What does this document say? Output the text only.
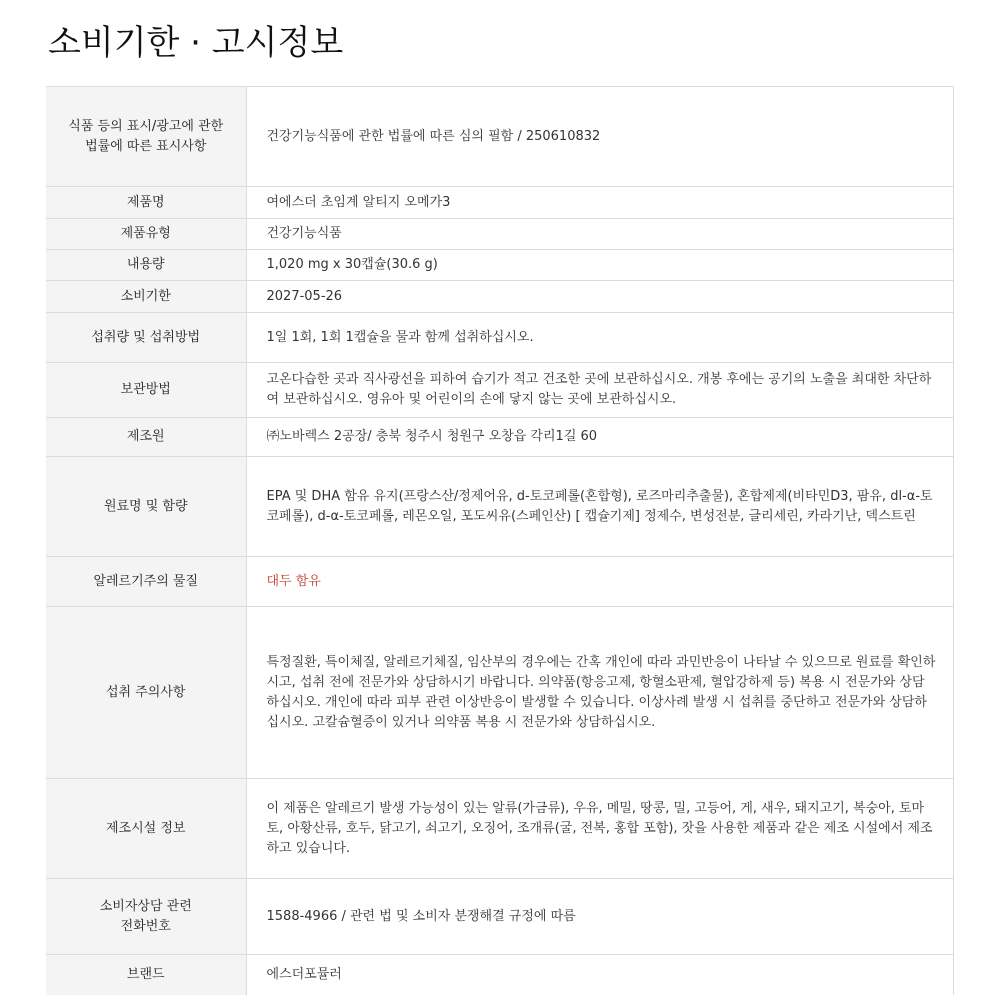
소비기한 · 고시정보
식품 등의 표시/광고에 관한
법률에 따른 표시사항	건강기능식품에 관한 법률에 따른 심의 필함 / 250610832
제품명	여에스더 초임계 알티지 오메가3
제품유형	건강기능식품
내용량	1,020 mg x 30캡슐(30.6 g)
소비기한	2027-05-26
섭취량 및 섭취방법	1일 1회, 1회 1캡슐을 물과 함께 섭취하십시오.
보관방법	고온다습한 곳과 직사광선을 피하여 습기가 적고 건조한 곳에 보관하십시오. 개봉 후에는 공기의 노출을 최대한 차단하여 보관하십시오. 영유아 및 어린이의 손에 닿지 않는 곳에 보관하십시오.
제조원	㈜노바렉스 2공장/ 충북 청주시 청원구 오창읍 각리1길 60
원료명 및 함량	EPA 및 DHA 함유 유지(프랑스산/정제어유, d-토코페롤(혼합형), 로즈마리추출물), 혼합제제(비타민D3, 팜유, dl-α-토코페롤), d-α-토코페롤, 레몬오일, 포도씨유(스페인산) [ 캡슐기제] 정제수, 변성전분, 글리세린, 카라기난, 덱스트린
알레르기주의 물질	대두 함유
섭취 주의사항	특정질환, 특이체질, 알레르기체질, 임산부의 경우에는 간혹 개인에 따라 과민반응이 나타날 수 있으므로 원료를 확인하시고, 섭취 전에 전문가와 상담하시기 바랍니다. 의약품(항응고제, 항혈소판제, 혈압강하제 등) 복용 시 전문가와 상담하십시오. 개인에 따라 피부 관련 이상반응이 발생할 수 있습니다. 이상사례 발생 시 섭취를 중단하고 전문가와 상담하십시오. 고칼슘혈증이 있거나 의약품 복용 시 전문가와 상담하십시오.
제조시설 정보	이 제품은 알레르기 발생 가능성이 있는 알류(가금류), 우유, 메밀, 땅콩, 밀, 고등어, 게, 새우, 돼지고기, 복숭아, 토마토, 아황산류, 호두, 닭고기, 쇠고기, 오징어, 조개류(굴, 전복, 홍합 포함), 잣을 사용한 제품과 같은 제조 시설에서 제조하고 있습니다.
소비자상담 관련
전화번호	1588-4966 / 관련 법 및 소비자 분쟁해결 규정에 따름
브랜드	에스더포뮬러
